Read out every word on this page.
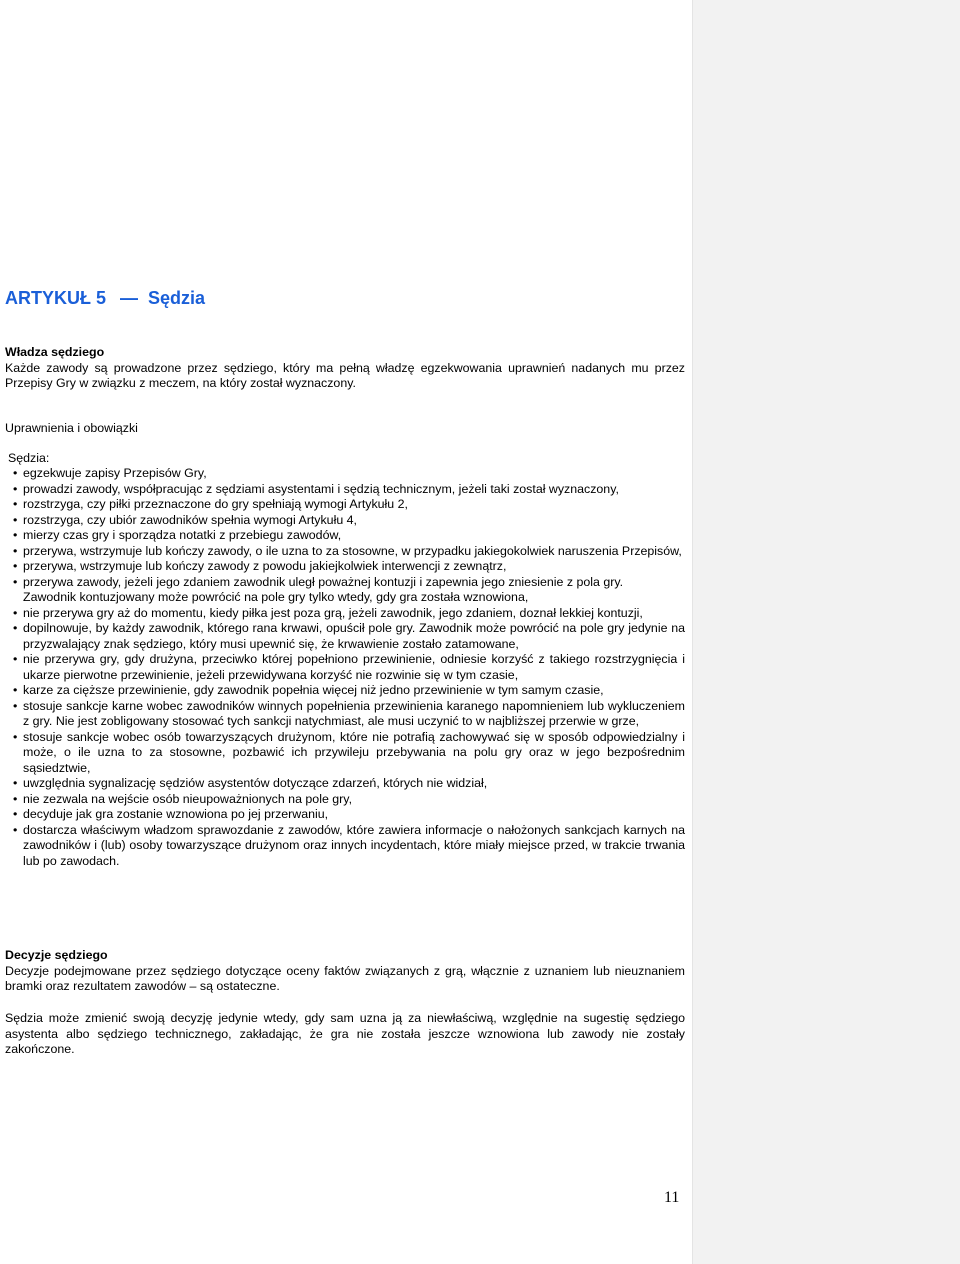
ARTYKUŁ 5 — Sędzia
Władza sędziego
Każde zawody są prowadzone przez sędziego, który ma pełną władzę egzekwowania uprawnień nadanych mu przez Przepisy Gry w związku z meczem, na który został wyznaczony.
Uprawnienia i obowiązki
Sędzia:
• egzekwuje zapisy Przepisów Gry,
• prowadzi zawody, współpracując z sędziami asystentami i sędzią technicznym, jeżeli taki został wyznaczony,
• rozstrzyga, czy piłki przeznaczone do gry spełniają wymogi Artykułu 2,
• rozstrzyga, czy ubiór zawodników spełnia wymogi Artykułu 4,
• mierzy czas gry i sporządza notatki z przebiegu zawodów,
• przerywa, wstrzymuje lub kończy zawody, o ile uzna to za stosowne, w przypadku jakiegokolwiek naruszenia Przepisów,
• przerywa, wstrzymuje lub kończy zawody z powodu jakiejkolwiek interwencji z zewnątrz,
• przerywa zawody, jeżeli jego zdaniem zawodnik uległ poważnej kontuzji i zapewnia jego zniesienie z pola gry.
Zawodnik kontuzjowany może powrócić na pole gry tylko wtedy, gdy gra została wznowiona,
• nie przerywa gry aż do momentu, kiedy piłka jest poza grą, jeżeli zawodnik, jego zdaniem, doznał lekkiej kontuzji,
• dopilnowuje, by każdy zawodnik, którego rana krwawi, opuścił pole gry. Zawodnik może powrócić na pole gry jedynie na przyzwalający znak sędziego, który musi upewnić się, że krwawienie zostało zatamowane,
• nie przerywa gry, gdy drużyna, przeciwko której popełniono przewinienie, odniesie korzyść z takiego rozstrzygnięcia i ukarze pierwotne przewinienie, jeżeli przewidywana korzyść nie rozwinie się w tym czasie,
• karze za cięższe przewinienie, gdy zawodnik popełnia więcej niż jedno przewinienie w tym samym czasie,
• stosuje sankcje karne wobec zawodników winnych popełnienia przewinienia karanego napomnieniem lub wykluczeniem z gry. Nie jest zobligowany stosować tych sankcji natychmiast, ale musi uczynić to w najbliższej przerwie w grze,
• stosuje sankcje wobec osób towarzyszących drużynom, które nie potrafią zachowywać się w sposób odpowiedzialny i może, o ile uzna to za stosowne, pozbawić ich przywileju przebywania na polu gry oraz w jego bezpośrednim sąsiedztwie,
• uwzględnia sygnalizację sędziów asystentów dotyczące zdarzeń, których nie widział,
• nie zezwala na wejście osób nieupoważnionych na pole gry,
• decyduje jak gra zostanie wznowiona po jej przerwaniu,
• dostarcza właściwym władzom sprawozdanie z zawodów, które zawiera informacje o nałożonych sankcjach karnych na zawodników i (lub) osoby towarzyszące drużynom oraz innych incydentach, które miały miejsce przed, w trakcie trwania lub po zawodach.
Decyzje sędziego
Decyzje podejmowane przez sędziego dotyczące oceny faktów związanych z grą, włącznie z uznaniem lub nieuznaniem bramki oraz rezultatem zawodów – są ostateczne.
Sędzia może zmienić swoją decyzję jedynie wtedy, gdy sam uzna ją za niewłaściwą, względnie na sugestię sędziego asystenta albo sędziego technicznego, zakładając, że gra nie została jeszcze wznowiona lub zawody nie zostały zakończone.
11
